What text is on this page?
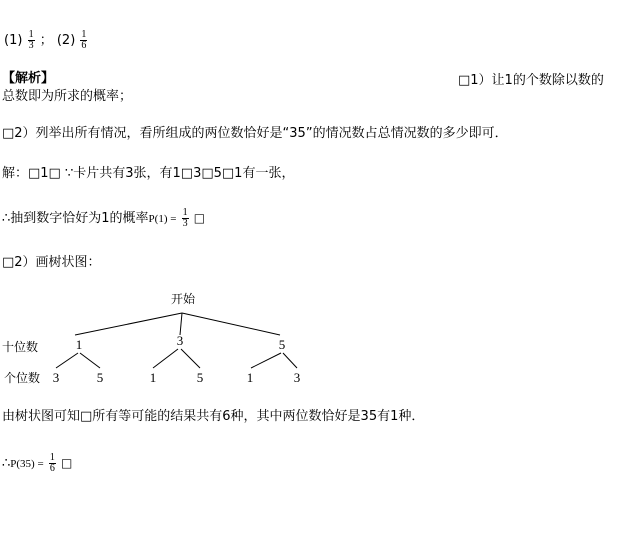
$(1) \frac{1}{3}$ ； $(2) \frac{1}{6}$
【解析】	□1）让1的个数除以数的
总数即为所求的概率；
□2）列举出所有情况，看所组成的两位数恰好是“35”的情况数占总情况数的多少即可．
解：□1□ ∵卡片共有3张，有1□3□5□1有一张，
∴抽到数字恰好为1的概率$P(1) = \frac{1}{3}$ □
□2）画树状图：
开始
十位数
个位数
1	3	5
3	5	1	5	1	3
由树状图可知□所有等可能的结果共有6种，其中两位数恰好是35有1种．
∴P(35) = $\frac{1}{6}$ □
